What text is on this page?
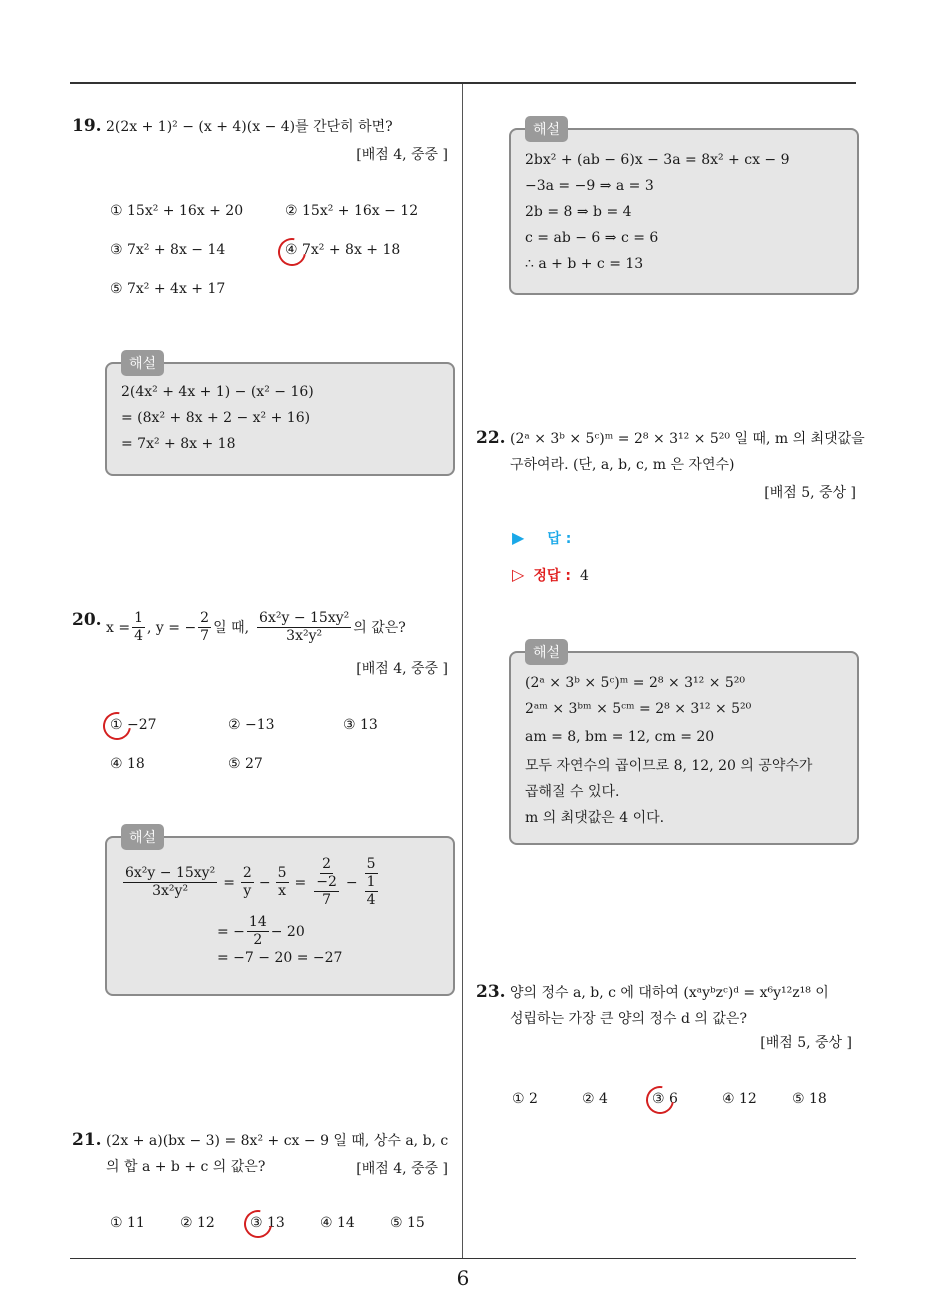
19. 2(2x + 1)² − (x + 4)(x − 4)를 간단히 하면?
[배점 4, 중중 ]
① 15x² + 16x + 20	② 15x² + 16x − 12
③ 7x² + 8x − 14	④ 7x² + 8x + 18
⑤ 7x² + 4x + 17
해설
2(4x² + 4x + 1) − (x² − 16)
= (8x² + 8x + 2 − x² + 16)
= 7x² + 8x + 18
20. $x = \frac{1}{4}$ , y = − $\frac{2}{7}$ 일 때, $\frac{\text{6x²y − 15xy²}}{\text{3x²y²}}$ 의 값은?
[배점 4, 중중 ]
① −27	② −13	③ 13
④ 18	⑤ 27
해설
$\frac{\text{6x²y − 15xy²}}{\text{3x²y²}} = \frac{2}{y} - \frac{5}{x} = \frac{2}{\frac{-2}{7}} - \frac{5}{\frac{1}{4}}$
= − $\frac{14}{2} - 20$
= −7 − 20 = −27
21. (2x + a)(bx − 3) = 8x² + cx − 9 일 때, 상수 a, b, c
의 합 a + b + c 의 값은?	[배점 4, 중중 ]
① 11	② 12	③ 13	④ 14	⑤ 15
해설
2bx² + (ab − 6)x − 3a = 8x² + cx − 9
−3a = −9 ⇒ a = 3
2b = 8 ⇒ b = 4
c = ab − 6 ⇒ c = 6
∴ a + b + c = 13
22. (2ᵃ × 3ᵇ × 5ᶜ)ᵐ = 2⁸ × 3¹² × 5²⁰ 일 때, m 의 최댓값을
구하여라. (단, a, b, c, m 은 자연수)
[배점 5, 중상 ]
▶ 답 :
▷ 정답 : 4
해설
(2ᵃ × 3ᵇ × 5ᶜ)ᵐ = 2⁸ × 3¹² × 5²⁰
2ᵃᵐ × 3ᵇᵐ × 5ᶜᵐ = 2⁸ × 3¹² × 5²⁰
am = 8, bm = 12, cm = 20
모두 자연수의 곱이므로 8, 12, 20 의 공약수가
곱해질 수 있다.
m 의 최댓값은 4 이다.
23. 양의 정수 a, b, c 에 대하여 (xᵃyᵇzᶜ)ᵈ = x⁶y¹²z¹⁸ 이
성립하는 가장 큰 양의 정수 d 의 값은?
[배점 5, 중상 ]
① 2	② 4	③ 6	④ 12	⑤ 18
6
